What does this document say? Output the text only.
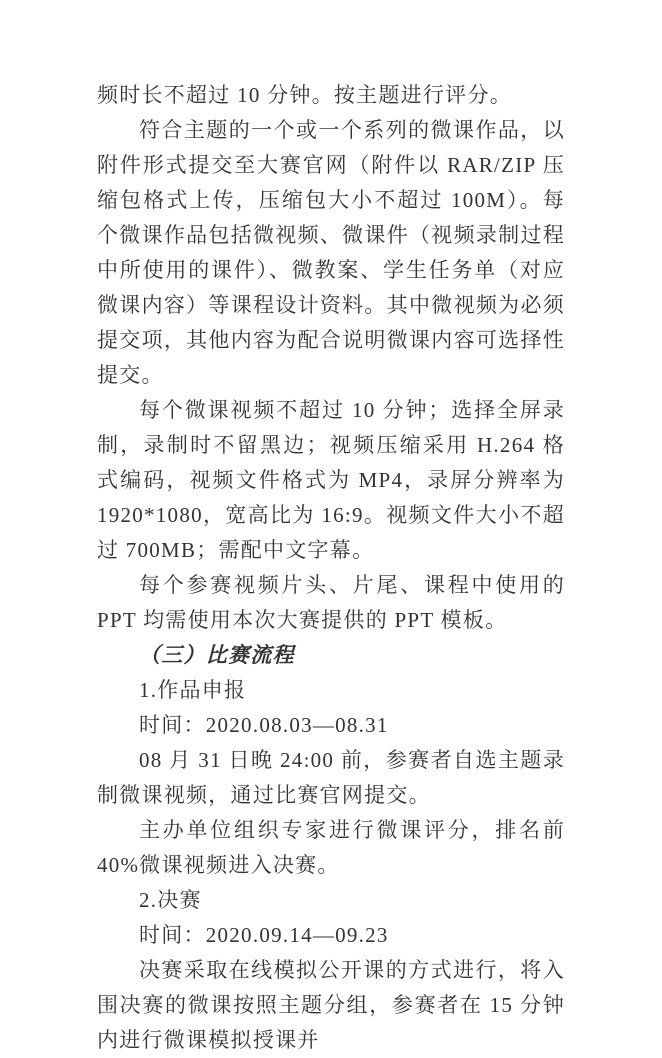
频时长不超过 10 分钟。按主题进行评分。

符合主题的一个或一个系列的微课作品，以附件形式提交至大赛官网（附件以 RAR/ZIP 压缩包格式上传，压缩包大小不超过 100M）。每个微课作品包括微视频、微课件（视频录制过程中所使用的课件）、微教案、学生任务单（对应微课内容）等课程设计资料。其中微视频为必须提交项，其他内容为配合说明微课内容可选择性提交。

每个微课视频不超过 10 分钟；选择全屏录制，录制时不留黑边；视频压缩采用 H.264 格式编码，视频文件格式为 MP4，录屏分辨率为 1920*1080，宽高比为 16:9。视频文件大小不超过 700MB；需配中文字幕。

每个参赛视频片头、片尾、课程中使用的 PPT 均需使用本次大赛提供的 PPT 模板。

（三）比赛流程

1.作品申报

时间：2020.08.03—08.31

08 月 31 日晚 24:00 前，参赛者自选主题录制微课视频，通过比赛官网提交。

主办单位组织专家进行微课评分，排名前 40%微课视频进入决赛。

2.决赛

时间：2020.09.14—09.23

决赛采取在线模拟公开课的方式进行，将入围决赛的微课按照主题分组，参赛者在 15 分钟内进行微课模拟授课并
